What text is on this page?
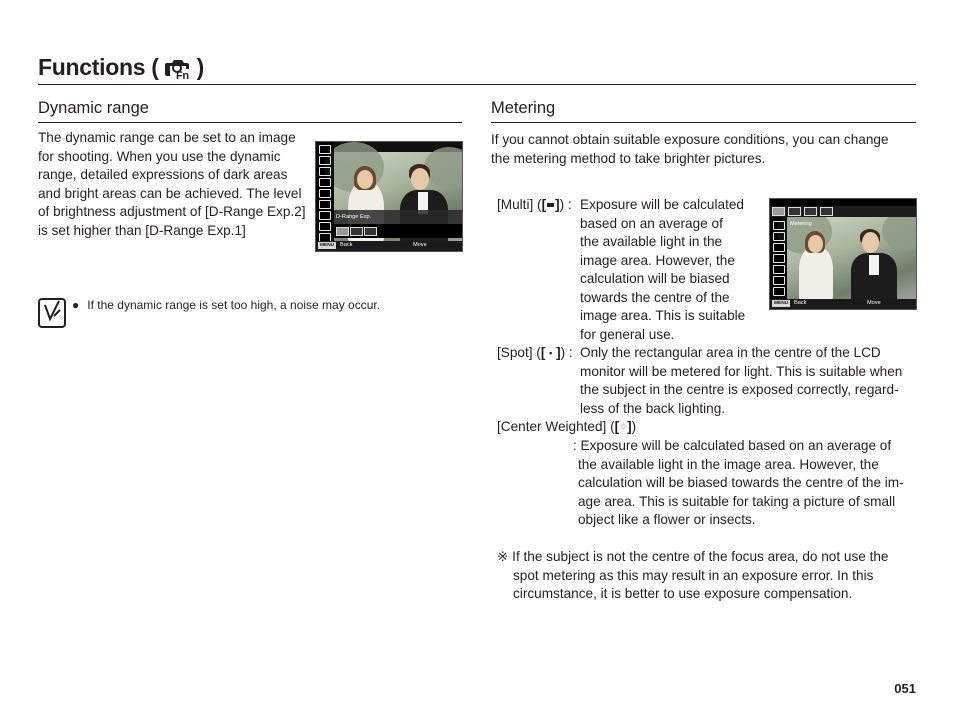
Functions ( Fn )
Dynamic range
The dynamic range can be set to an image
for shooting. When you use the dynamic
range, detailed expressions of dark areas
and bright areas can be achieved. The level
of brightness adjustment of [D-Range Exp.2]
is set higher than [D-Range Exp.1]
D-Range Exp.
MENU	Back	Move
● If the dynamic range is set too high, a noise may occur.
Metering
If you cannot obtain suitable exposure conditions, you can change
the metering method to take brighter pictures.
[Multi] ([ ]) : Exposure will be calculated
based on an average of
the available light in the
image area. However, the
calculation will be biased
towards the centre of the
image area. This is suitable
for general use.
Metering
MENU	Back	Move
[Spot] ([ • ]) : Only the rectangular area in the centre of the LCD
monitor will be metered for light. This is suitable when
the subject in the centre is exposed correctly, regard-
less of the back lighting.
[Center Weighted] ([◌])
: Exposure will be calculated based on an average of
the available light in the image area. However, the
calculation will be biased towards the centre of the im-
age area. This is suitable for taking a picture of small
object like a flower or insects.
※ If the subject is not the centre of the focus area, do not use the
spot metering as this may result in an exposure error. In this
circumstance, it is better to use exposure compensation.
051
